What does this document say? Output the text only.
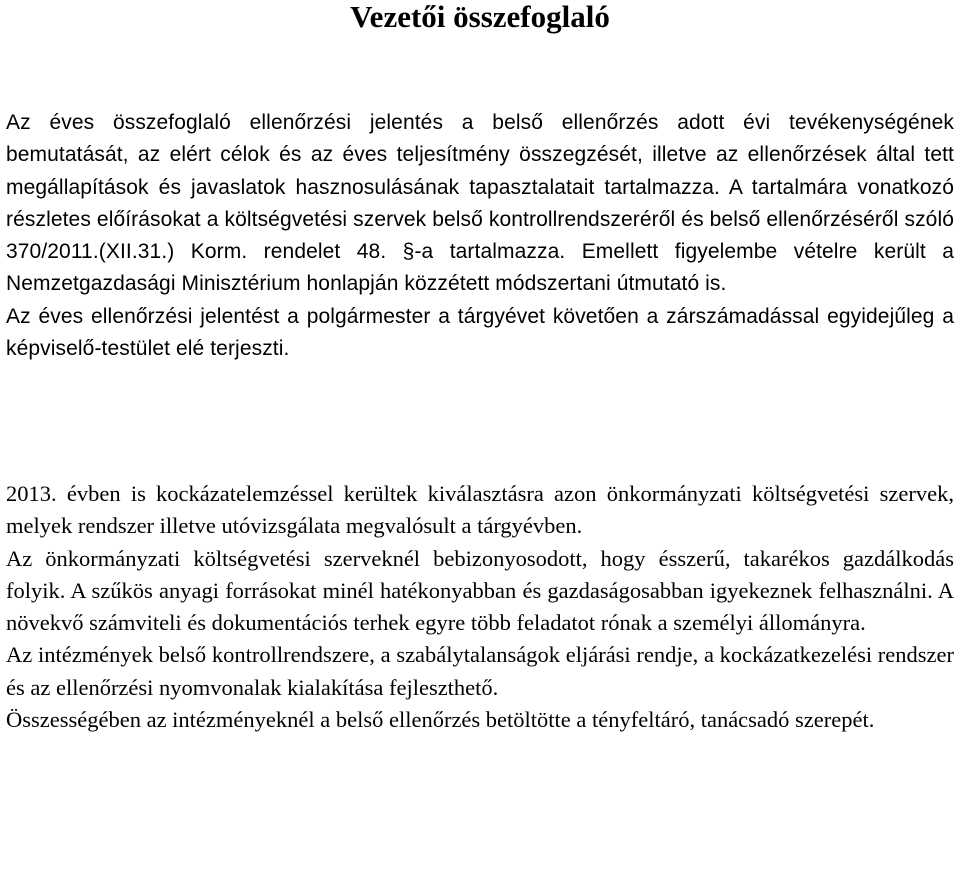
Vezetői összefoglaló

Az éves összefoglaló ellenőrzési jelentés a belső ellenőrzés adott évi tevékenységének bemutatását, az elért célok és az éves teljesítmény összegzését, illetve az ellenőrzések által tett megállapítások és javaslatok hasznosulásának tapasztalatait tartalmazza. A tartalmára vonatkozó részletes előírásokat a költségvetési szervek belső kontrollrendszeréről és belső ellenőrzéséről szóló 370/2011.(XII.31.) Korm. rendelet 48. §-a tartalmazza. Emellett figyelembe vételre került a Nemzetgazdasági Minisztérium honlapján közzétett módszertani útmutató is.

Az éves ellenőrzési jelentést a polgármester a tárgyévet követően a zárszámadással egyidejűleg a képviselő-testület elé terjeszti.

2013. évben is kockázatelemzéssel kerültek kiválasztásra azon önkormányzati költségvetési szervek, melyek rendszer illetve utóvizsgálata megvalósult a tárgyévben.

Az önkormányzati költségvetési szerveknél bebizonyosodott, hogy ésszerű, takarékos gazdálkodás folyik. A szűkös anyagi forrásokat minél hatékonyabban és gazdaságosabban igyekeznek felhasználni. A növekvő számviteli és dokumentációs terhek egyre több feladatot rónak a személyi állományra.

Az intézmények belső kontrollrendszere, a szabálytalanságok eljárási rendje, a kockázatkezelési rendszer és az ellenőrzési nyomvonalak kialakítása fejleszthető.

Összességében az intézményeknél a belső ellenőrzés betöltötte a tényfeltáró, tanácsadó szerepét.
